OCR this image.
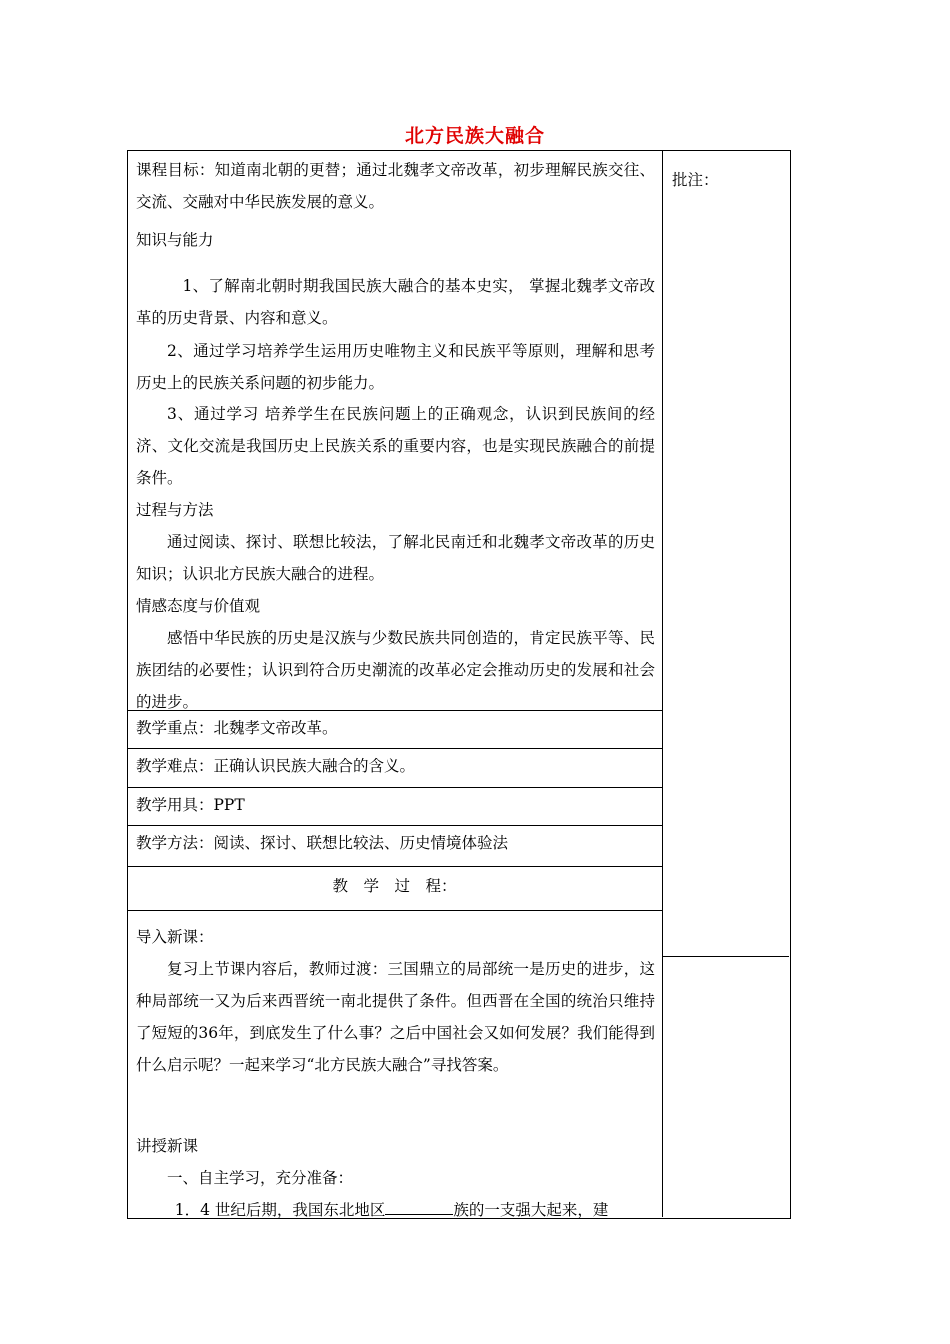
北方民族大融合
批注：
课程目标：知道南北朝的更替；通过北魏孝文帝改革，初步理解民族交往、交流、交融对中华民族发展的意义。
知识与能力
1、了解南北朝时期我国民族大融合的基本史实， 掌握北魏孝文帝改革的历史背景、内容和意义。
2、通过学习培养学生运用历史唯物主义和民族平等原则，理解和思考历史上的民族关系问题的初步能力。
3、通过学习 培养学生在民族问题上的正确观念，认识到民族间的经济、文化交流是我国历史上民族关系的重要内容，也是实现民族融合的前提条件。
过程与方法
通过阅读、探讨、联想比较法，了解北民南迁和北魏孝文帝改革的历史知识；认识北方民族大融合的进程。
情感态度与价值观
感悟中华民族的历史是汉族与少数民族共同创造的，肯定民族平等、民族团结的必要性；认识到符合历史潮流的改革必定会推动历史的发展和社会的进步。
教学重点：北魏孝文帝改革。
教学难点：正确认识民族大融合的含义。
教学用具：PPT
教学方法：阅读、探讨、联想比较法、历史情境体验法
教　学　过　程：
导入新课：
复习上节课内容后，教师过渡：三国鼎立的局部统一是历史的进步，这种局部统一又为后来西晋统一南北提供了条件。但西晋在全国的统治只维持了短短的36年，到底发生了什么事？之后中国社会又如何发展？我们能得到什么启示呢？一起来学习“北方民族大融合”寻找答案。
讲授新课
一、自主学习，充分准备：
1．4 世纪后期，我国东北地区	族的一支强大起来，建
